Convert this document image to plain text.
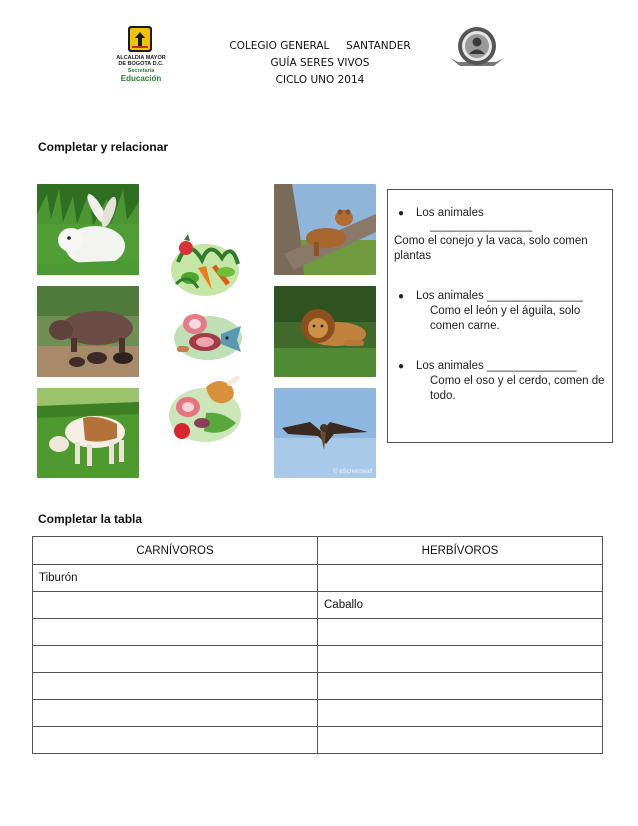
ALCALDIA MAYOR
DE BOGOTA D.C.
Secretaría
Educación
COLEGIO GENERAL     SANTANDER
GUÍA SERES VIVOS
CICLO UNO 2014
Completar y relacionar
© eScreenwall
●	Los animales
________________
Como el conejo y la vaca, solo comen plantas
●	Los animales _______________
Como el león y el águila, solo comen carne.
●	Los animales ______________
Como el oso y el cerdo, comen de todo.
Completar la tabla
CARNÍVOROS	HERBÍVOROS
Tiburón	
	Caballo
